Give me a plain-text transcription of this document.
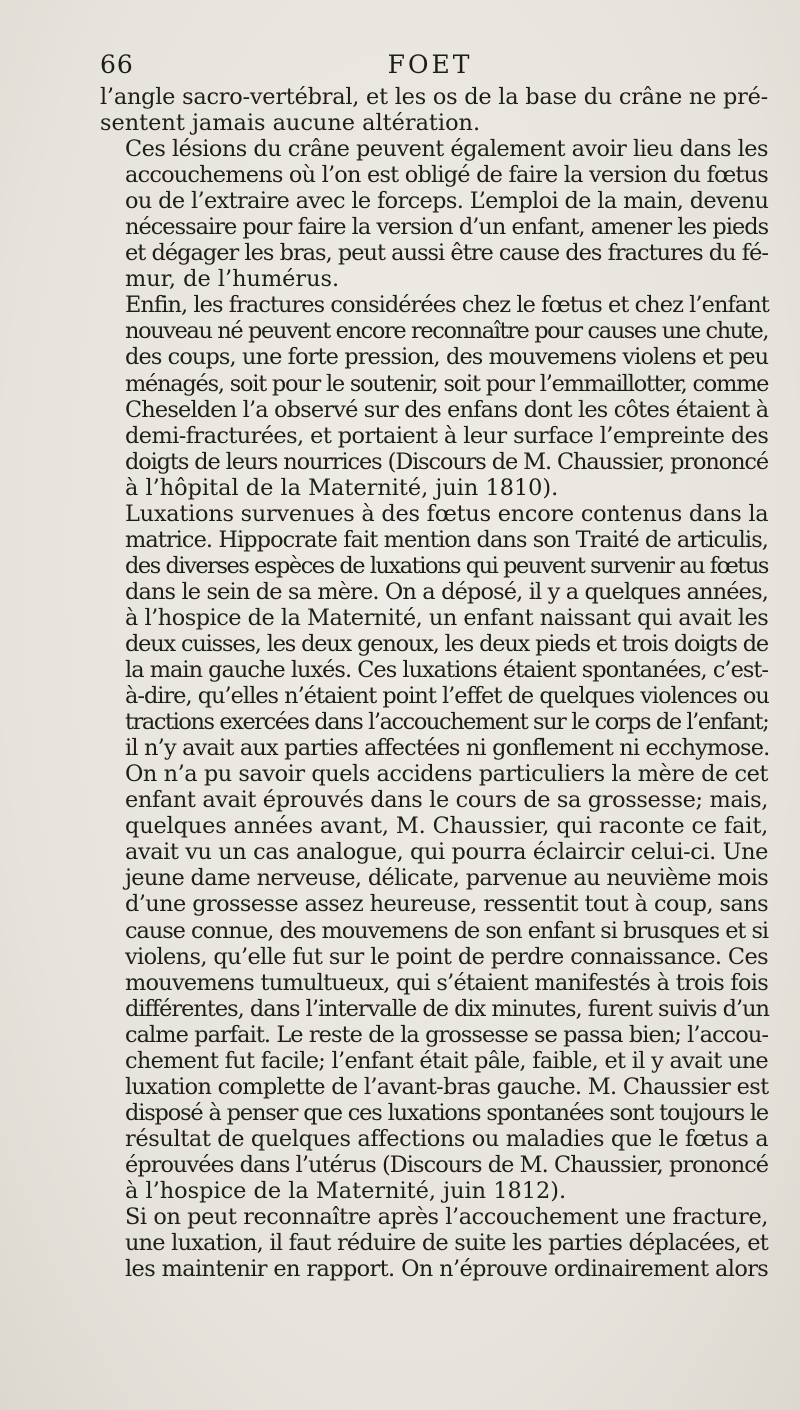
66	FOET

l’angle sacro-vertébral, et les os de la base du crâne ne pré-
sentent jamais aucune altération.

Ces lésions du crâne peuvent également avoir lieu dans les
accouchemens où l’on est obligé de faire la version du fœtus
ou de l’extraire avec le forceps. L’emploi de la main, devenu
nécessaire pour faire la version d’un enfant, amener les pieds
et dégager les bras, peut aussi être cause des fractures du fé-
mur, de l’humérus.

Enfin, les fractures considérées chez le fœtus et chez l’enfant
nouveau né peuvent encore reconnaître pour causes une chute,
des coups, une forte pression, des mouvemens violens et peu
ménagés, soit pour le soutenir, soit pour l’emmaillotter, comme
Cheselden l’a observé sur des enfans dont les côtes étaient à
demi-fracturées, et portaient à leur surface l’empreinte des
doigts de leurs nourrices (Discours de M. Chaussier, prononcé
à l’hôpital de la Maternité, juin 1810).

Luxations survenues à des fœtus encore contenus dans la
matrice. Hippocrate fait mention dans son Traité de articulis,
des diverses espèces de luxations qui peuvent survenir au fœtus
dans le sein de sa mère. On a déposé, il y a quelques années,
à l’hospice de la Maternité, un enfant naissant qui avait les
deux cuisses, les deux genoux, les deux pieds et trois doigts de
la main gauche luxés. Ces luxations étaient spontanées, c’est-
à-dire, qu’elles n’étaient point l’effet de quelques violences ou
tractions exercées dans l’accouchement sur le corps de l’enfant;
il n’y avait aux parties affectées ni gonflement ni ecchymose.
On n’a pu savoir quels accidens particuliers la mère de cet
enfant avait éprouvés dans le cours de sa grossesse; mais,
quelques années avant, M. Chaussier, qui raconte ce fait,
avait vu un cas analogue, qui pourra éclaircir celui-ci. Une
jeune dame nerveuse, délicate, parvenue au neuvième mois
d’une grossesse assez heureuse, ressentit tout à coup, sans
cause connue, des mouvemens de son enfant si brusques et si
violens, qu’elle fut sur le point de perdre connaissance. Ces
mouvemens tumultueux, qui s’étaient manifestés à trois fois
différentes, dans l’intervalle de dix minutes, furent suivis d’un
calme parfait. Le reste de la grossesse se passa bien; l’accou-
chement fut facile; l’enfant était pâle, faible, et il y avait une
luxation complette de l’avant-bras gauche. M. Chaussier est
disposé à penser que ces luxations spontanées sont toujours le
résultat de quelques affections ou maladies que le fœtus a
éprouvées dans l’utérus (Discours de M. Chaussier, prononcé
à l’hospice de la Maternité, juin 1812).

Si on peut reconnaître après l’accouchement une fracture,
une luxation, il faut réduire de suite les parties déplacées, et
les maintenir en rapport. On n’éprouve ordinairement alors
